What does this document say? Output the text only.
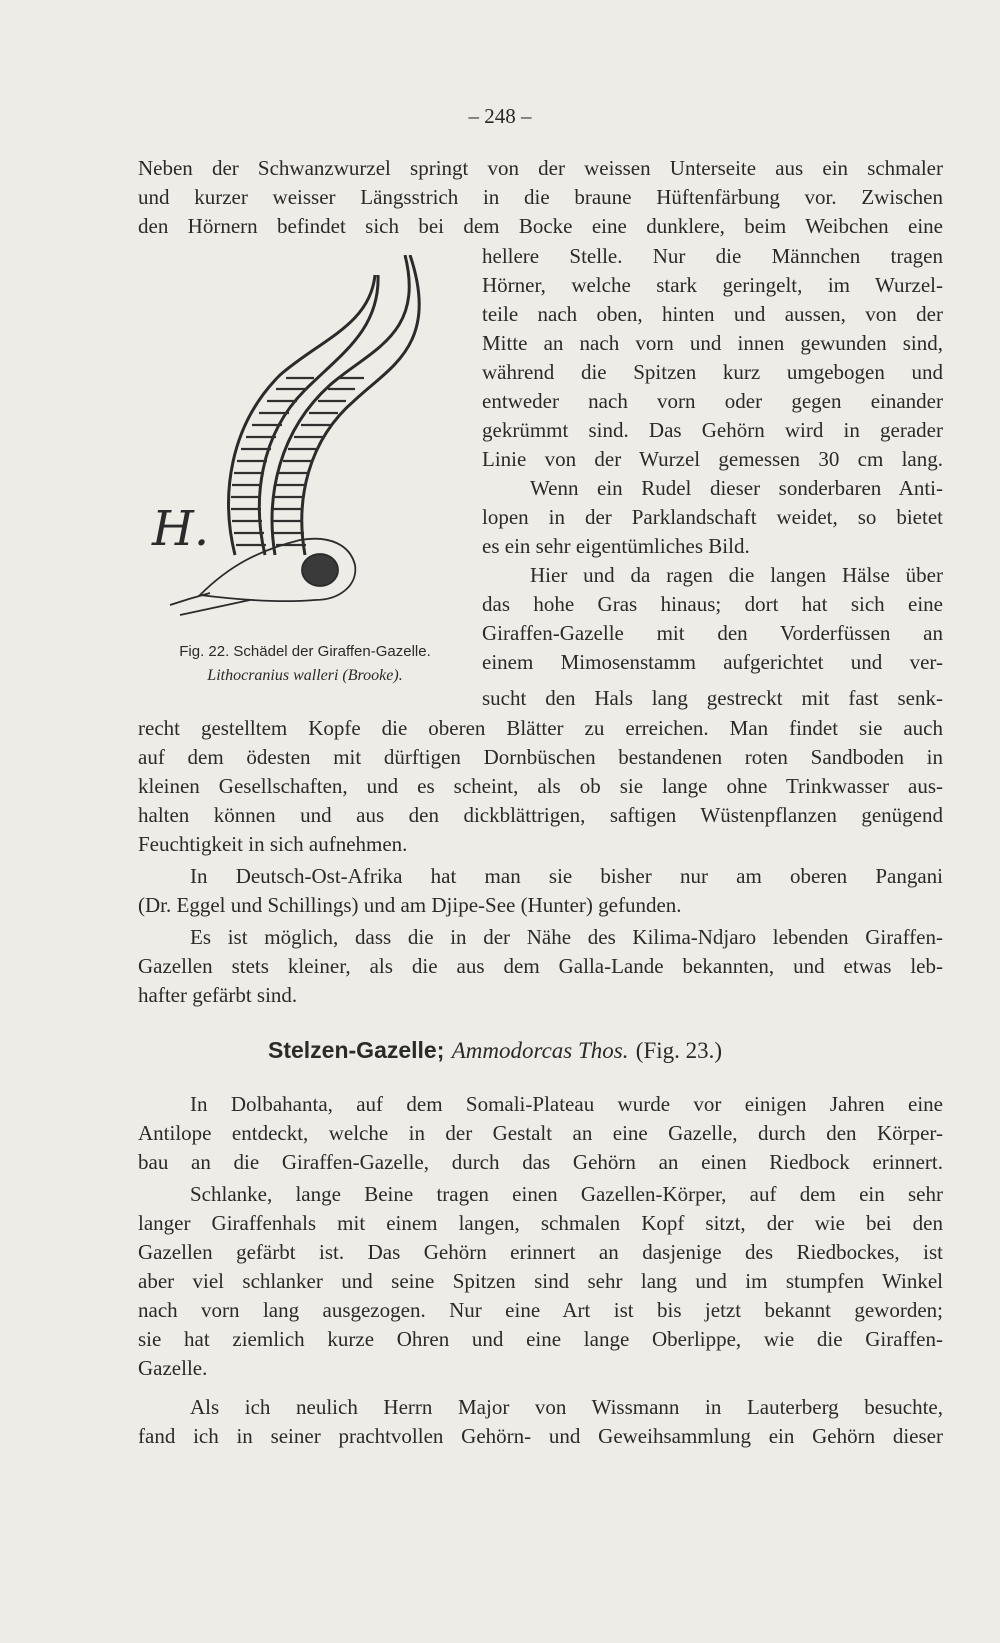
– 248 –
Neben der Schwanzwurzel springt von der weissen Unterseite aus ein schmaler
und kurzer weisser Längsstrich in die braune Hüftenfärbung vor. Zwischen
den Hörnern befindet sich bei dem Bocke eine dunklere, beim Weibchen eine
H.
Fig. 22. Schädel der Giraffen-Gazelle.
Lithocranius walleri (Brooke).
hellere Stelle. Nur die Männchen tragen
Hörner, welche stark geringelt, im Wurzel-
teile nach oben, hinten und aussen, von der
Mitte an nach vorn und innen gewunden sind,
während die Spitzen kurz umgebogen und
entweder nach vorn oder gegen einander
gekrümmt sind. Das Gehörn wird in gerader
Linie von der Wurzel gemessen 30 cm lang.
Wenn ein Rudel dieser sonderbaren Anti-
lopen in der Parklandschaft weidet, so bietet
es ein sehr eigentümliches Bild.
Hier und da ragen die langen Hälse über
das hohe Gras hinaus; dort hat sich eine
Giraffen-Gazelle mit den Vorderfüssen an
einem Mimosenstamm aufgerichtet und ver-
sucht den Hals lang gestreckt mit fast senk-
recht gestelltem Kopfe die oberen Blätter zu erreichen. Man findet sie auch
auf dem ödesten mit dürftigen Dornbüschen bestandenen roten Sandboden in
kleinen Gesellschaften, und es scheint, als ob sie lange ohne Trinkwasser aus-
halten können und aus den dickblättrigen, saftigen Wüstenpflanzen genügend
Feuchtigkeit in sich aufnehmen.
In Deutsch-Ost-Afrika hat man sie bisher nur am oberen Pangani
(Dr. Eggel und Schillings) und am Djipe-See (Hunter) gefunden.
Es ist möglich, dass die in der Nähe des Kilima-Ndjaro lebenden Giraffen-
Gazellen stets kleiner, als die aus dem Galla-Lande bekannten, und etwas leb-
hafter gefärbt sind.
Stelzen-Gazelle; Ammodorcas Thos. (Fig. 23.)
In Dolbahanta, auf dem Somali-Plateau wurde vor einigen Jahren eine
Antilope entdeckt, welche in der Gestalt an eine Gazelle, durch den Körper-
bau an die Giraffen-Gazelle, durch das Gehörn an einen Riedbock erinnert.
Schlanke, lange Beine tragen einen Gazellen-Körper, auf dem ein sehr
langer Giraffenhals mit einem langen, schmalen Kopf sitzt, der wie bei den
Gazellen gefärbt ist. Das Gehörn erinnert an dasjenige des Riedbockes, ist
aber viel schlanker und seine Spitzen sind sehr lang und im stumpfen Winkel
nach vorn lang ausgezogen. Nur eine Art ist bis jetzt bekannt geworden;
sie hat ziemlich kurze Ohren und eine lange Oberlippe, wie die Giraffen-
Gazelle.
Als ich neulich Herrn Major von Wissmann in Lauterberg besuchte,
fand ich in seiner prachtvollen Gehörn- und Geweihsammlung ein Gehörn dieser
